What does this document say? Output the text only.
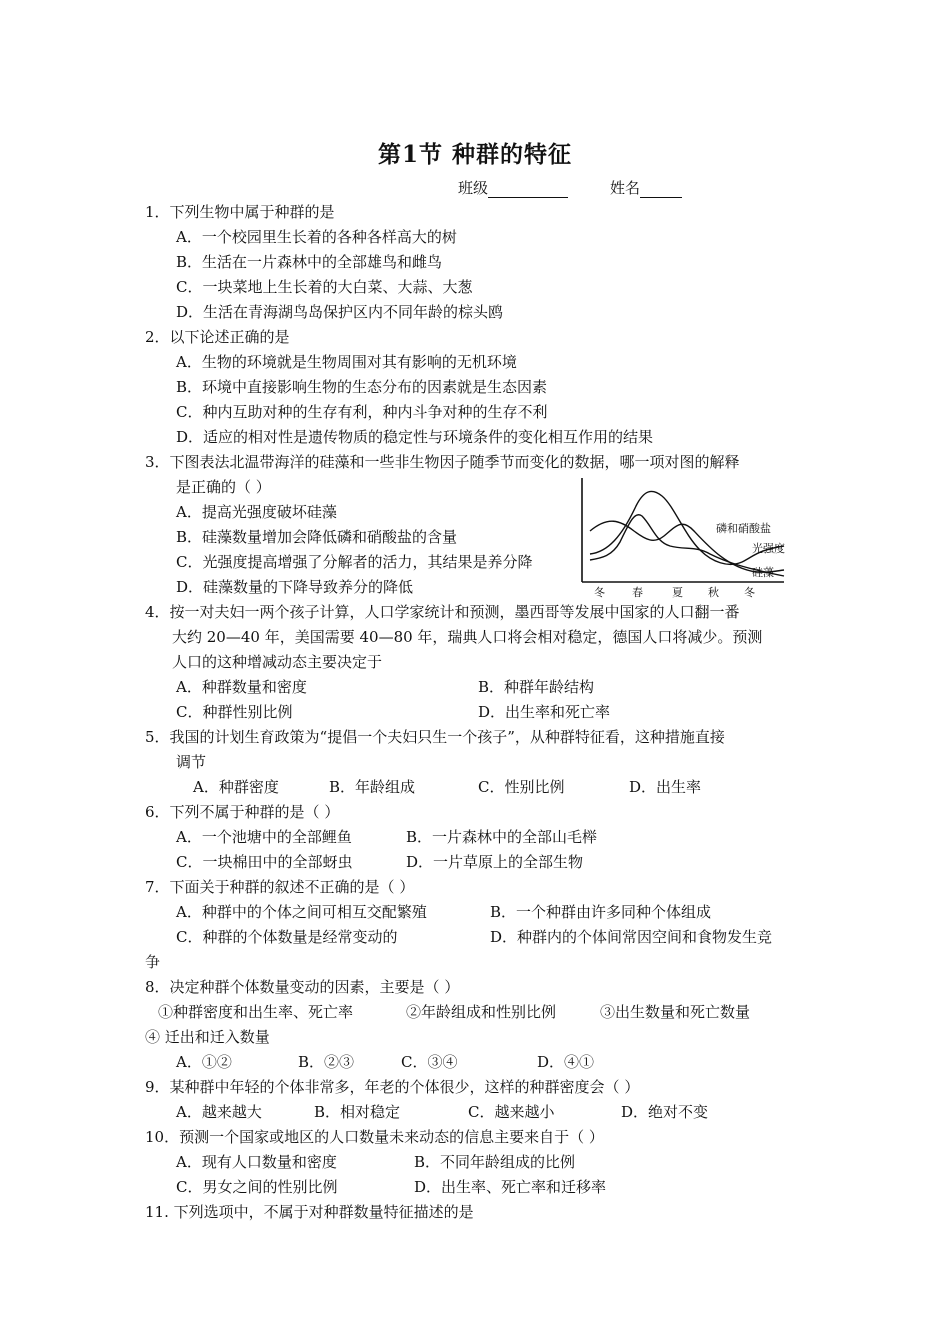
第1节 种群的特征
班级	姓名
1．下列生物中属于种群的是
A．一个校园里生长着的各种各样高大的树
B．生活在一片森林中的全部雄鸟和雌鸟
C．一块菜地上生长着的大白菜、大蒜、大葱
D．生活在青海湖鸟岛保护区内不同年龄的棕头鸥
2．以下论述正确的是
A．生物的环境就是生物周围对其有影响的无机环境
B．环境中直接影响生物的生态分布的因素就是生态因素
C．种内互助对种的生存有利，种内斗争对种的生存不利
D．适应的相对性是遗传物质的稳定性与环境条件的变化相互作用的结果
3．下图表法北温带海洋的硅藻和一些非生物因子随季节而变化的数据，哪一项对图的解释
是正确的（ ）
A．提高光强度破坏硅藻
B．硅藻数量增加会降低磷和硝酸盐的含量
C．光强度提高增强了分解者的活力，其结果是养分降
D．硅藻数量的下降导致养分的降低
磷和硝酸盐
光强度
硅藻
冬 春	夏 秋 冬
4．按一对夫妇一两个孩子计算，人口学家统计和预测，墨西哥等发展中国家的人口翻一番
大约 20—40 年，美国需要 40—80 年，瑞典人口将会相对稳定，德国人口将减少。预测
人口的这种增减动态主要决定于
A．种群数量和密度	B．种群年龄结构
C．种群性别比例	D．出生率和死亡率
5．我国的计划生育政策为“提倡一个夫妇只生一个孩子”，从种群特征看，这种措施直接
调节
A．种群密度	B．年龄组成	C．性别比例	D．出生率
6．下列不属于种群的是（ ）
A．一个池塘中的全部鲤鱼	B．一片森林中的全部山毛榉
C．一块棉田中的全部蚜虫	D．一片草原上的全部生物
7．下面关于种群的叙述不正确的是（ ）
A．种群中的个体之间可相互交配繁殖	B．一个种群由许多同种个体组成
C．种群的个体数量是经常变动的	D．种群内的个体间常因空间和食物发生竞
争
8．决定种群个体数量变动的因素，主要是（ ）
①种群密度和出生率、死亡率	②年龄组成和性别比例	③出生数量和死亡数量
④ 迁出和迁入数量
A．①②	B．②③	C．③④	D．④①
9．某种群中年轻的个体非常多，年老的个体很少，这样的种群密度会（ ）
A．越来越大	B．相对稳定	C．越来越小	D．绝对不变
10．预测一个国家或地区的人口数量未来动态的信息主要来自于（ ）
A．现有人口数量和密度	B．不同年龄组成的比例
C．男女之间的性别比例	D．出生率、死亡率和迁移率
11. 下列选项中，不属于对种群数量特征描述的是
